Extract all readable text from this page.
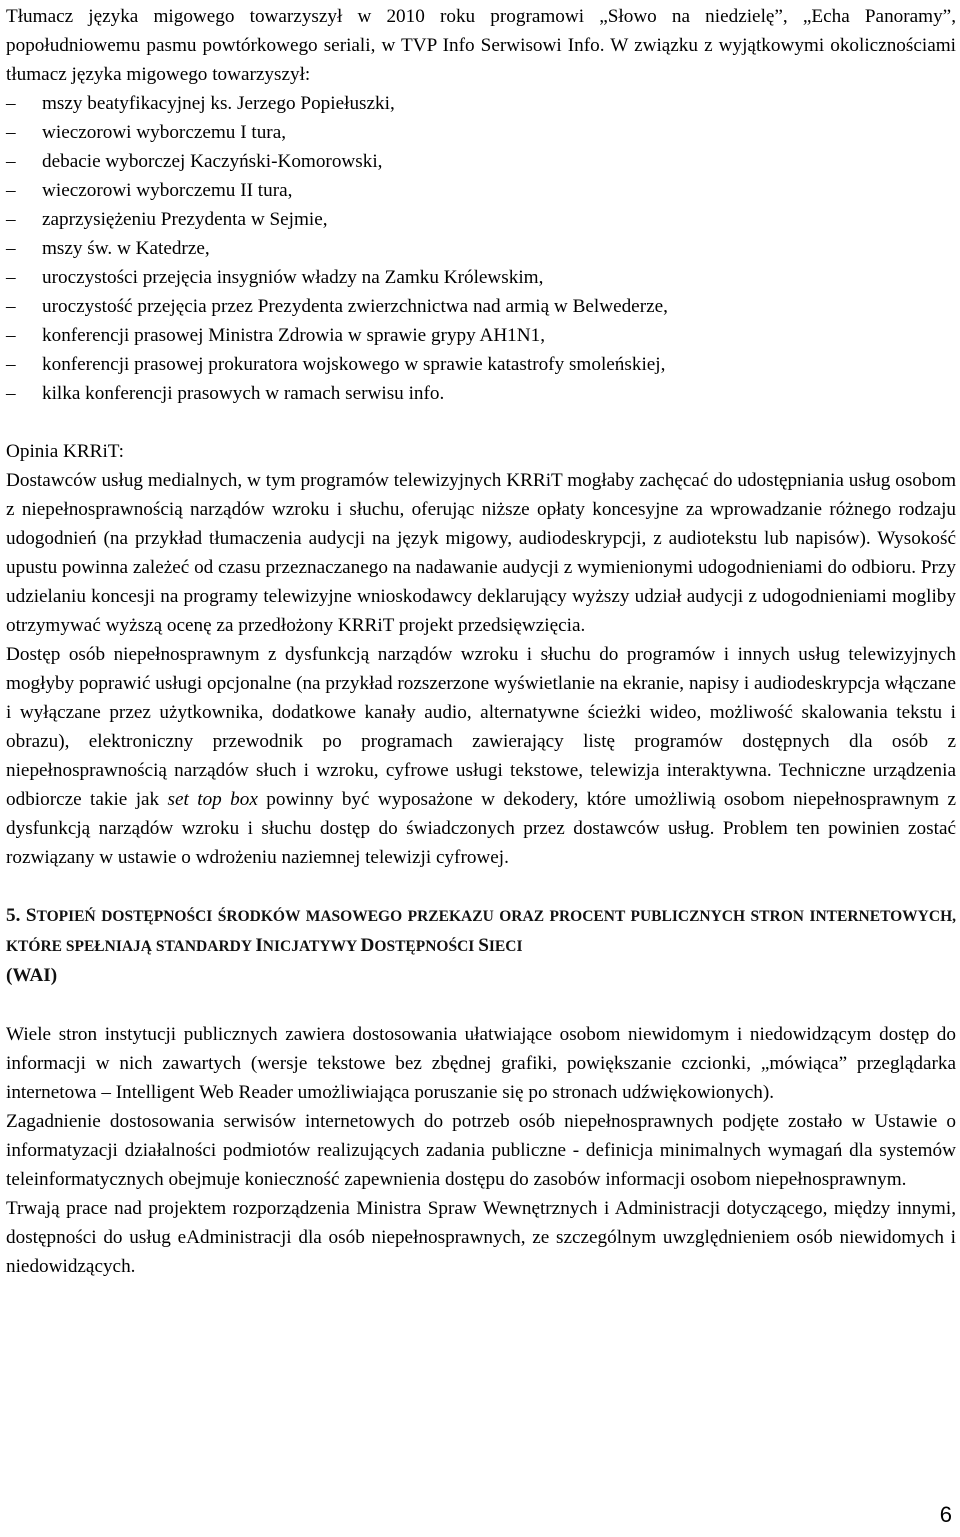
Tłumacz języka migowego towarzyszył w 2010 roku programowi „Słowo na niedzielę”, „Echa Panoramy”, popołudniowemu pasmu powtórkowego seriali, w TVP Info Serwisowi Info. W związku z wyjątkowymi okolicznościami tłumacz języka migowego towarzyszył:

– mszy beatyfikacyjnej ks. Jerzego Popiełuszki,
– wieczorowi wyborczemu I tura,
– debacie wyborczej Kaczyński-Komorowski,
– wieczorowi wyborczemu II tura,
– zaprzysiężeniu Prezydenta w Sejmie,
– mszy św. w Katedrze,
– uroczystości przejęcia insygniów władzy na Zamku Królewskim,
– uroczystość przejęcia przez Prezydenta zwierzchnictwa nad armią w Belwederze,
– konferencji prasowej Ministra Zdrowia w sprawie grypy AH1N1,
– konferencji prasowej prokuratora wojskowego w sprawie katastrofy smoleńskiej,
– kilka konferencji prasowych w ramach serwisu info.

Opinia KRRiT:

Dostawców usług medialnych, w tym programów telewizyjnych KRRiT mogłaby zachęcać do udostępniania usług osobom z niepełnosprawnością narządów wzroku i słuchu, oferując niższe opłaty koncesyjne za wprowadzanie różnego rodzaju udogodnień (na przykład tłumaczenia audycji na język migowy, audiodeskrypcji, z audiotekstu lub napisów). Wysokość upustu powinna zależeć od czasu przeznaczanego na nadawanie audycji z wymienionymi udogodnieniami do odbioru. Przy udzielaniu koncesji na programy telewizyjne wnioskodawcy deklarujący wyższy udział audycji z udogodnieniami mogliby otrzymywać wyższą ocenę za przedłożony KRRiT projekt przedsięwzięcia.

Dostęp osób niepełnosprawnym z dysfunkcją narządów wzroku i słuchu do programów i innych usług telewizyjnych mogłyby poprawić usługi opcjonalne (na przykład rozszerzone wyświetlanie na ekranie, napisy i audiodeskrypcja włączane i wyłączane przez użytkownika, dodatkowe kanały audio, alternatywne ścieżki wideo, możliwość skalowania tekstu i obrazu), elektroniczny przewodnik po programach zawierający listę programów dostępnych dla osób z niepełnosprawnością narządów słuch i wzroku, cyfrowe usługi tekstowe, telewizja interaktywna. Techniczne urządzenia odbiorcze takie jak set top box powinny być wyposażone w dekodery, które umożliwią osobom niepełnosprawnym z dysfunkcją narządów wzroku i słuchu dostęp do świadczonych przez dostawców usług. Problem ten powinien zostać rozwiązany w ustawie o wdrożeniu naziemnej telewizji cyfrowej.

5. STOPIEŃ DOSTĘPNOŚCI ŚRODKÓW MASOWEGO PRZEKAZU ORAZ PROCENT PUBLICZNYCH STRON INTERNETOWYCH, KTÓRE SPEŁNIAJĄ STANDARDY INICJATYWY DOSTĘPNOŚCI SIECI
(WAI)

Wiele stron instytucji publicznych zawiera dostosowania ułatwiające osobom niewidomym i niedowidzącym dostęp do informacji w nich zawartych (wersje tekstowe bez zbędnej grafiki, powiększanie czcionki, „mówiąca” przeglądarka internetowa – Intelligent Web Reader umożliwiająca poruszanie się po stronach udźwiękowionych).

Zagadnienie dostosowania serwisów internetowych do potrzeb osób niepełnosprawnych podjęte zostało w Ustawie o informatyzacji działalności podmiotów realizujących zadania publiczne - definicja minimalnych wymagań dla systemów teleinformatycznych obejmuje konieczność zapewnienia dostępu do zasobów informacji osobom niepełnosprawnym.

Trwają prace nad projektem rozporządzenia Ministra Spraw Wewnętrznych i Administracji dotyczącego, między innymi, dostępności do usług eAdministracji dla osób niepełnosprawnych, ze szczególnym uwzględnieniem osób niewidomych i niedowidzących.

6
